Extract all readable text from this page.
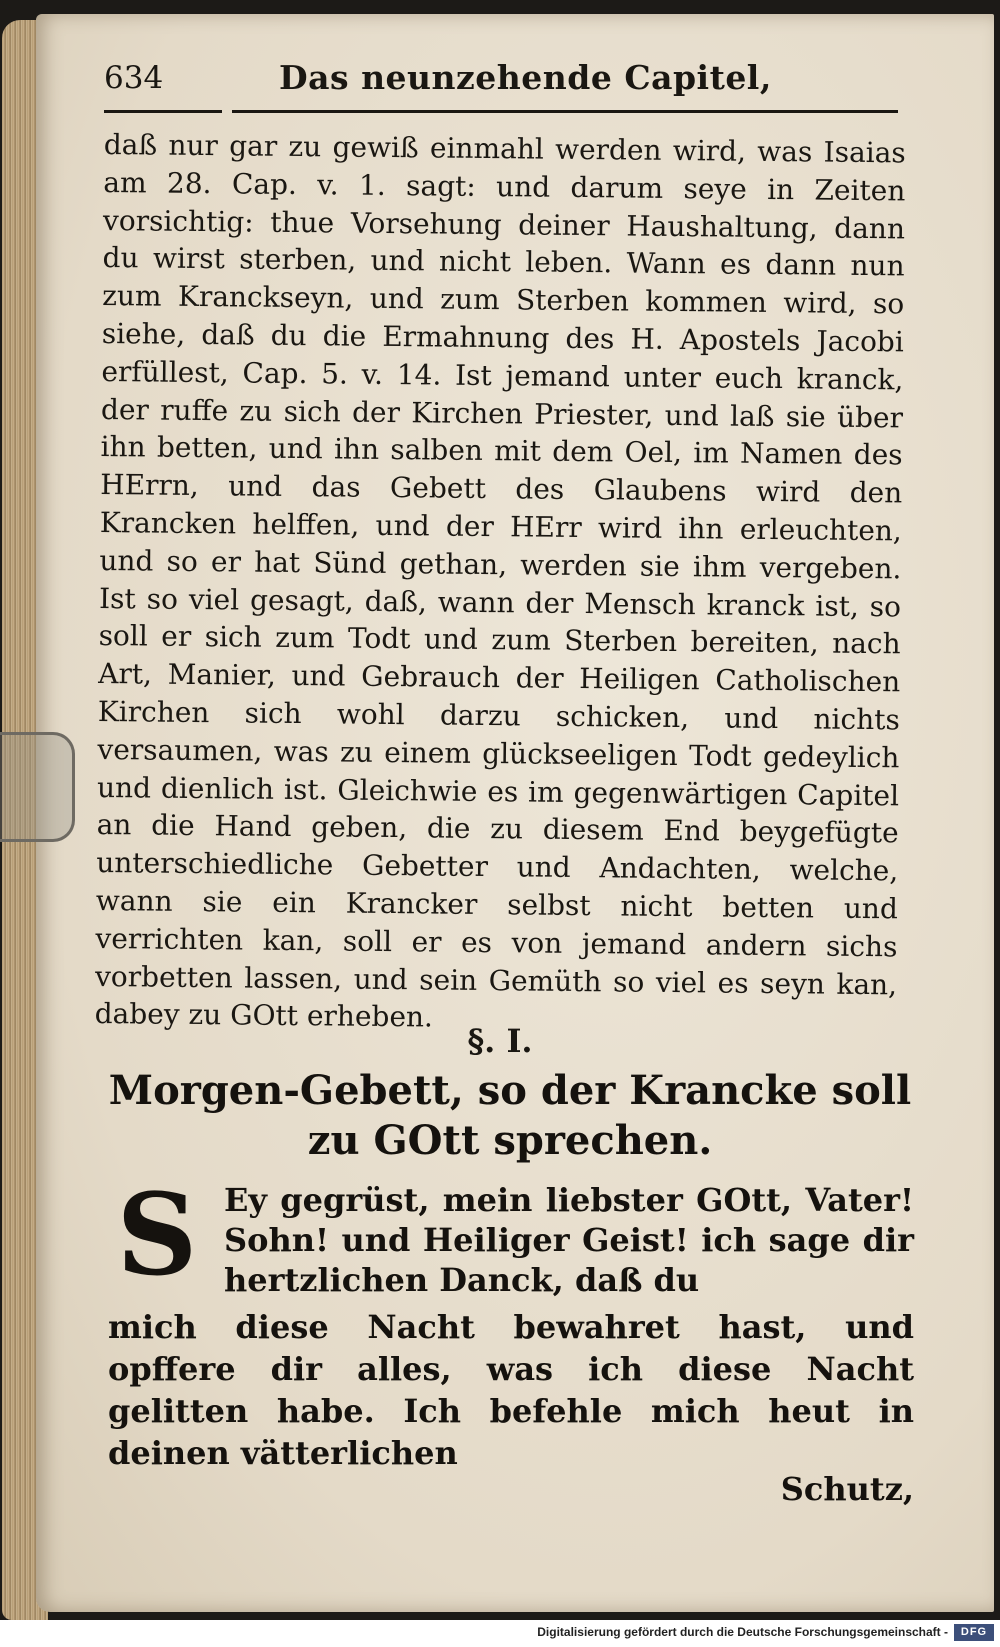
634	Das neunzehende Capitel,

daß nur gar zu gewiß einmahl werden wird, was Isaias am 28. Cap. v. 1. sagt: und darum seye in Zeiten vorsichtig: thue Vorsehung deiner Haushaltung, dann du wirst sterben, und nicht leben. Wann es dann nun zum Kranckseyn, und zum Sterben kommen wird, so siehe, daß du die Ermahnung des H. Apostels Jacobi erfüllest, Cap. 5. v. 14. Ist jemand unter euch kranck, der ruffe zu sich der Kirchen Priester, und laß sie über ihn betten, und ihn salben mit dem Oel, im Namen des HErrn, und das Gebett des Glaubens wird den Krancken helffen, und der HErr wird ihn erleuchten, und so er hat Sünd gethan, werden sie ihm vergeben. Ist so viel gesagt, daß, wann der Mensch kranck ist, so soll er sich zum Todt und zum Sterben bereiten, nach Art, Manier, und Gebrauch der Heiligen Catholischen Kirchen sich wohl darzu schicken, und nichts versaumen, was zu einem glückseeligen Todt gedeylich und dienlich ist. Gleichwie es im gegenwärtigen Capitel an die Hand geben, die zu diesem End beygefügte unterschiedliche Gebetter und Andachten, welche, wann sie ein Krancker selbst nicht betten und verrichten kan, soll er es von jemand andern sichs vorbetten lassen, und sein Gemüth so viel es seyn kan, dabey zu GOtt erheben.

§. I.
Morgen-Gebett, so der Krancke soll zu GOtt sprechen.
S Ey gegrüst, mein liebster GOtt, Vater! Sohn! und Heiliger Geist! ich sage dir hertzlichen Danck, daß du

mich diese Nacht bewahret hast, und opffere dir alles, was ich diese Nacht gelitten habe. Ich befehle mich heut in deinen vätterlichen

Schutz,
Digitalisierung gefördert durch die Deutsche Forschungsgemeinschaft -	DFG
